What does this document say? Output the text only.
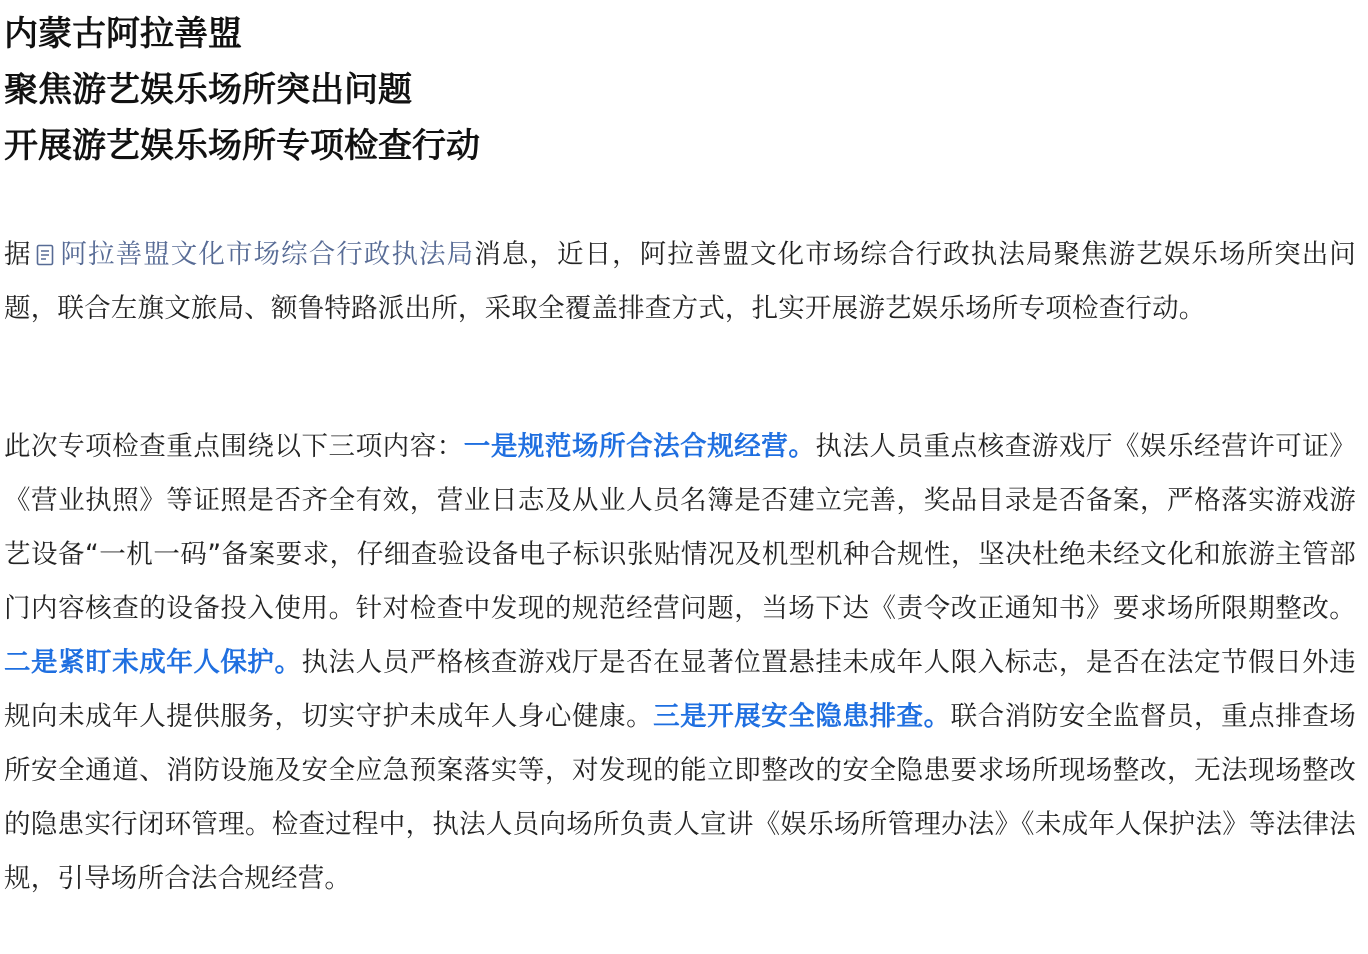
内蒙古阿拉善盟
聚焦游艺娱乐场所突出问题
开展游艺娱乐场所专项检查行动

据 阿拉善盟文化市场综合行政执法局消息，近日，阿拉善盟文化市场综合行政执法局聚焦游艺娱乐场所突出问题，联合左旗文旅局、额鲁特路派出所，采取全覆盖排查方式，扎实开展游艺娱乐场所专项检查行动。

此次专项检查重点围绕以下三项内容：一是规范场所合法合规经营。执法人员重点核查游戏厅《娱乐经营许可证》《营业执照》等证照是否齐全有效，营业日志及从业人员名簿是否建立完善，奖品目录是否备案，严格落实游戏游艺设备“一机一码”备案要求，仔细查验设备电子标识张贴情况及机型机种合规性，坚决杜绝未经文化和旅游主管部门内容核查的设备投入使用。针对检查中发现的规范经营问题，当场下达《责令改正通知书》要求场所限期整改。二是紧盯未成年人保护。执法人员严格核查游戏厅是否在显著位置悬挂未成年人限入标志，是否在法定节假日外违规向未成年人提供服务，切实守护未成年人身心健康。三是开展安全隐患排查。联合消防安全监督员，重点排查场所安全通道、消防设施及安全应急预案落实等，对发现的能立即整改的安全隐患要求场所现场整改，无法现场整改的隐患实行闭环管理。检查过程中，执法人员向场所负责人宣讲《娱乐场所管理办法》《未成年人保护法》等法律法规，引导场所合法合规经营。
